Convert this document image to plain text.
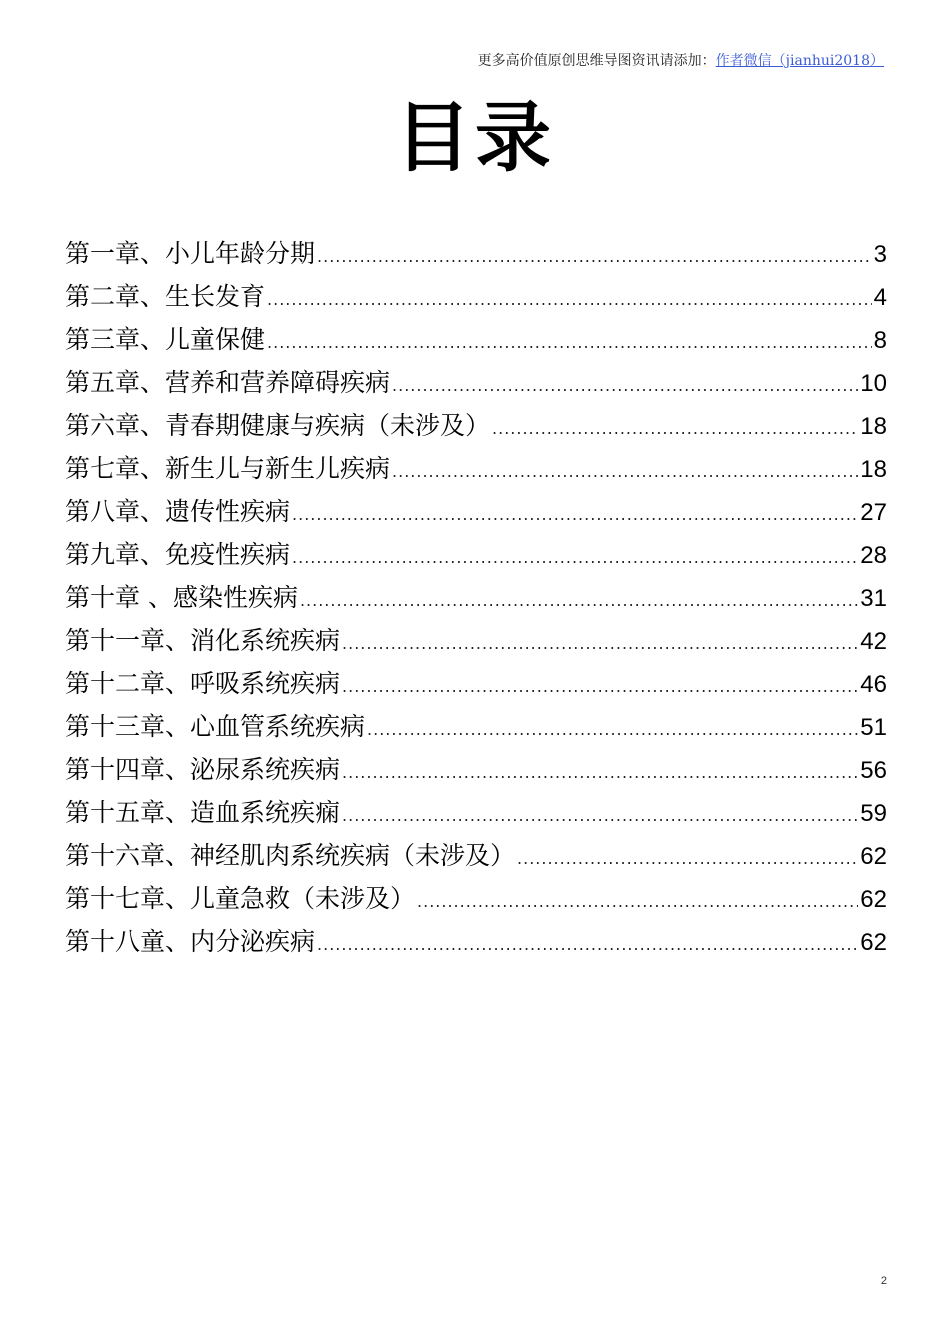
更多高价值原创思维导图资讯请添加：作者微信（jianhui2018）
目录
第一章、小儿年龄分期 .....	3
第二章、生长发育 .....	4
第三章、儿童保健 .....	8
第五章、营养和营养障碍疾病 .....	10
第六章、青春期健康与疾病（未涉及） .....	18
第七章、新生儿与新生儿疾病 .....	18
第八章、遗传性疾病 .....	27
第九章、免疫性疾病 .....	28
第十章 、感染性疾病 .....	31
第十一章、消化系统疾病 .....	42
第十二章、呼吸系统疾病 .....	46
第十三章、心血管系统疾病 .....	51
第十四章、泌尿系统疾病 .....	56
第十五章、造血系统疾痫 .....	59
第十六章、神经肌肉系统疾病（未涉及） .....	62
第十七章、儿童急救（未涉及） .....	62
第十八童、内分泌疾病 .....	62
2
